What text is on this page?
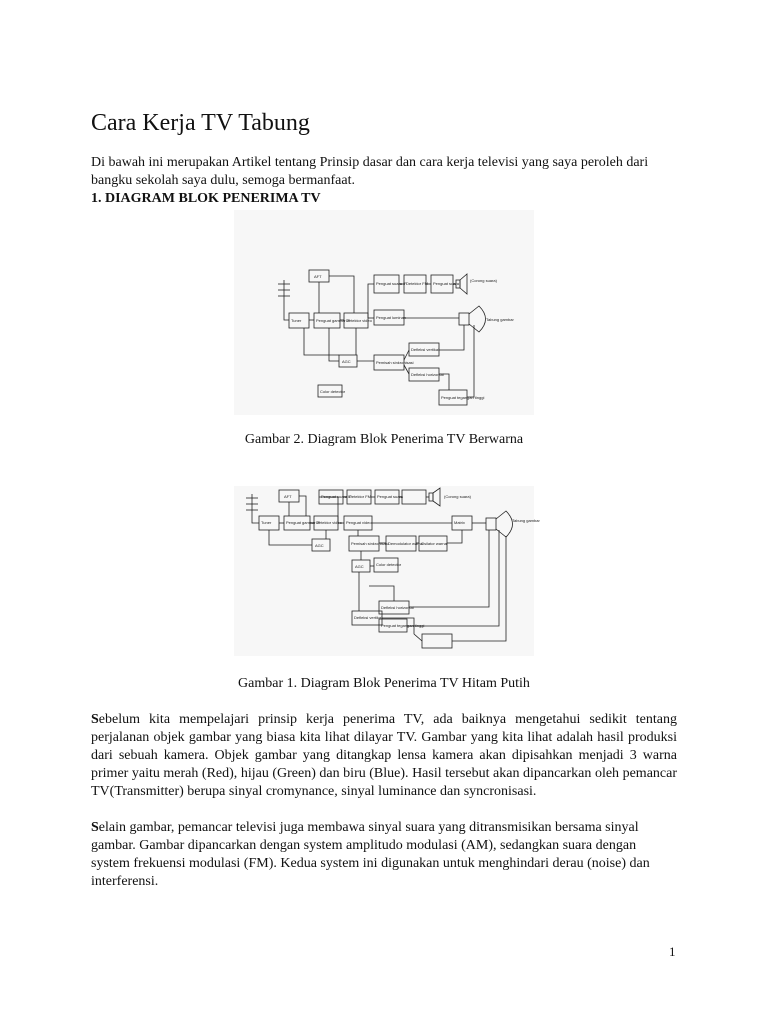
Cara Kerja TV Tabung
Di bawah ini merupakan Artikel tentang Prinsip dasar dan cara kerja televisi yang saya peroleh dari bangku sekolah saya dulu, semoga bermanfaat.
1. DIAGRAM BLOK PENERIMA TV
AFT
Tuner	Penguat gambar IF
Detektor video
Penguat luminan
Penguat suara IF Detektor FM Penguat suara
(Corong suara)
Tabung gambar
AGC	Pemisah sinkronisasi
Defleksi vertikal
Defleksi horizontal
Penguat tegangan tinggi
Color detector
Gambar 2. Diagram Blok Penerima TV Berwarna
AFT	Penguat suara IF
Detektor FM Penguat suara	(Corong suara)
Tuner	Penguat gambar IF
Detektor video Penguat video	Matrix	Tabung gambar
AGC	Pemisah sinkronisasi Demodulator warna
Osilator warna
AGC	Color detector
Defleksi vertikal
Defleksi horizontal
Penguat tegangan tinggi
Gambar 1. Diagram Blok Penerima TV Hitam Putih
Sebelum kita mempelajari prinsip kerja penerima TV, ada baiknya mengetahui sedikit tentang perjalanan objek gambar yang biasa kita lihat dilayar TV. Gambar yang kita lihat adalah hasil produksi dari sebuah kamera. Objek gambar yang ditangkap lensa kamera akan dipisahkan menjadi 3 warna primer yaitu merah (Red), hijau (Green) dan biru (Blue). Hasil tersebut akan dipancarkan oleh pemancar TV(Transmitter) berupa sinyal cromynance, sinyal luminance dan syncronisasi.
Selain gambar, pemancar televisi juga membawa sinyal suara yang ditransmisikan bersama sinyal gambar. Gambar dipancarkan dengan system amplitudo modulasi (AM), sedangkan suara dengan system frekuensi modulasi (FM). Kedua system ini digunakan untuk menghindari derau (noise) dan interferensi.
1
